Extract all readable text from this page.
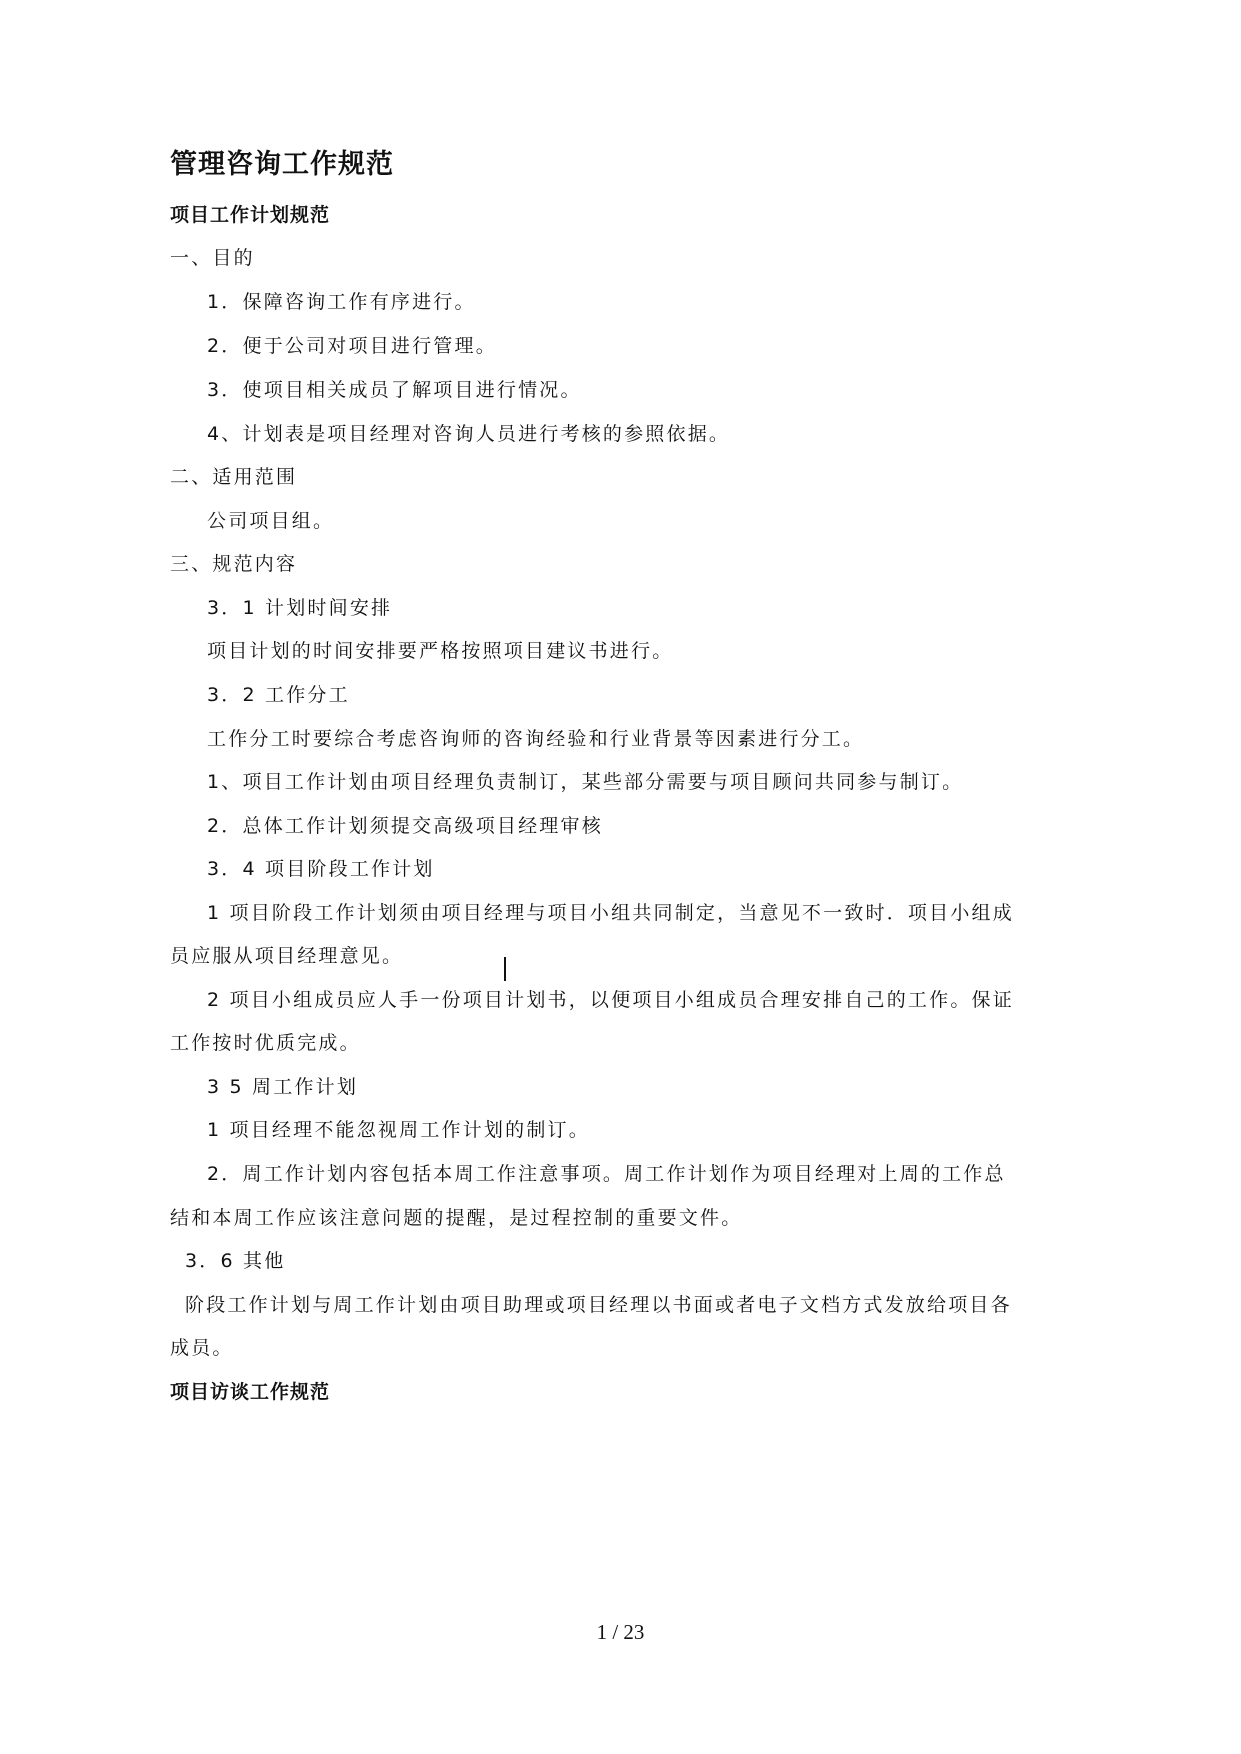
管理咨询工作规范
项目工作计划规范
一、目的
1．保障咨询工作有序进行。
2．便于公司对项目进行管理。
3．使项目相关成员了解项目进行情况。
4、计划表是项目经理对咨询人员进行考核的参照依据。
二、适用范围
公司项目组。
三、规范内容
3．1 计划时间安排
项目计划的时间安排要严格按照项目建议书进行。
3．2 工作分工
工作分工时要综合考虑咨询师的咨询经验和行业背景等因素进行分工。
1、项目工作计划由项目经理负责制订，某些部分需要与项目顾问共同参与制订。
2．总体工作计划须提交高级项目经理审核
3．4 项目阶段工作计划
1 项目阶段工作计划须由项目经理与项目小组共同制定，当意见不一致时．项目小组成
员应服从项目经理意见。
2 项目小组成员应人手一份项目计划书，以便项目小组成员合理安排自己的工作。保证
工作按时优质完成。
3 5 周工作计划
1 项目经理不能忽视周工作计划的制订。
2．周工作计划内容包括本周工作注意事项。周工作计划作为项目经理对上周的工作总
结和本周工作应该注意问题的提醒，是过程控制的重要文件。
3．6 其他
阶段工作计划与周工作计划由项目助理或项目经理以书面或者电子文档方式发放给项目各
成员。
项目访谈工作规范
1 / 23
